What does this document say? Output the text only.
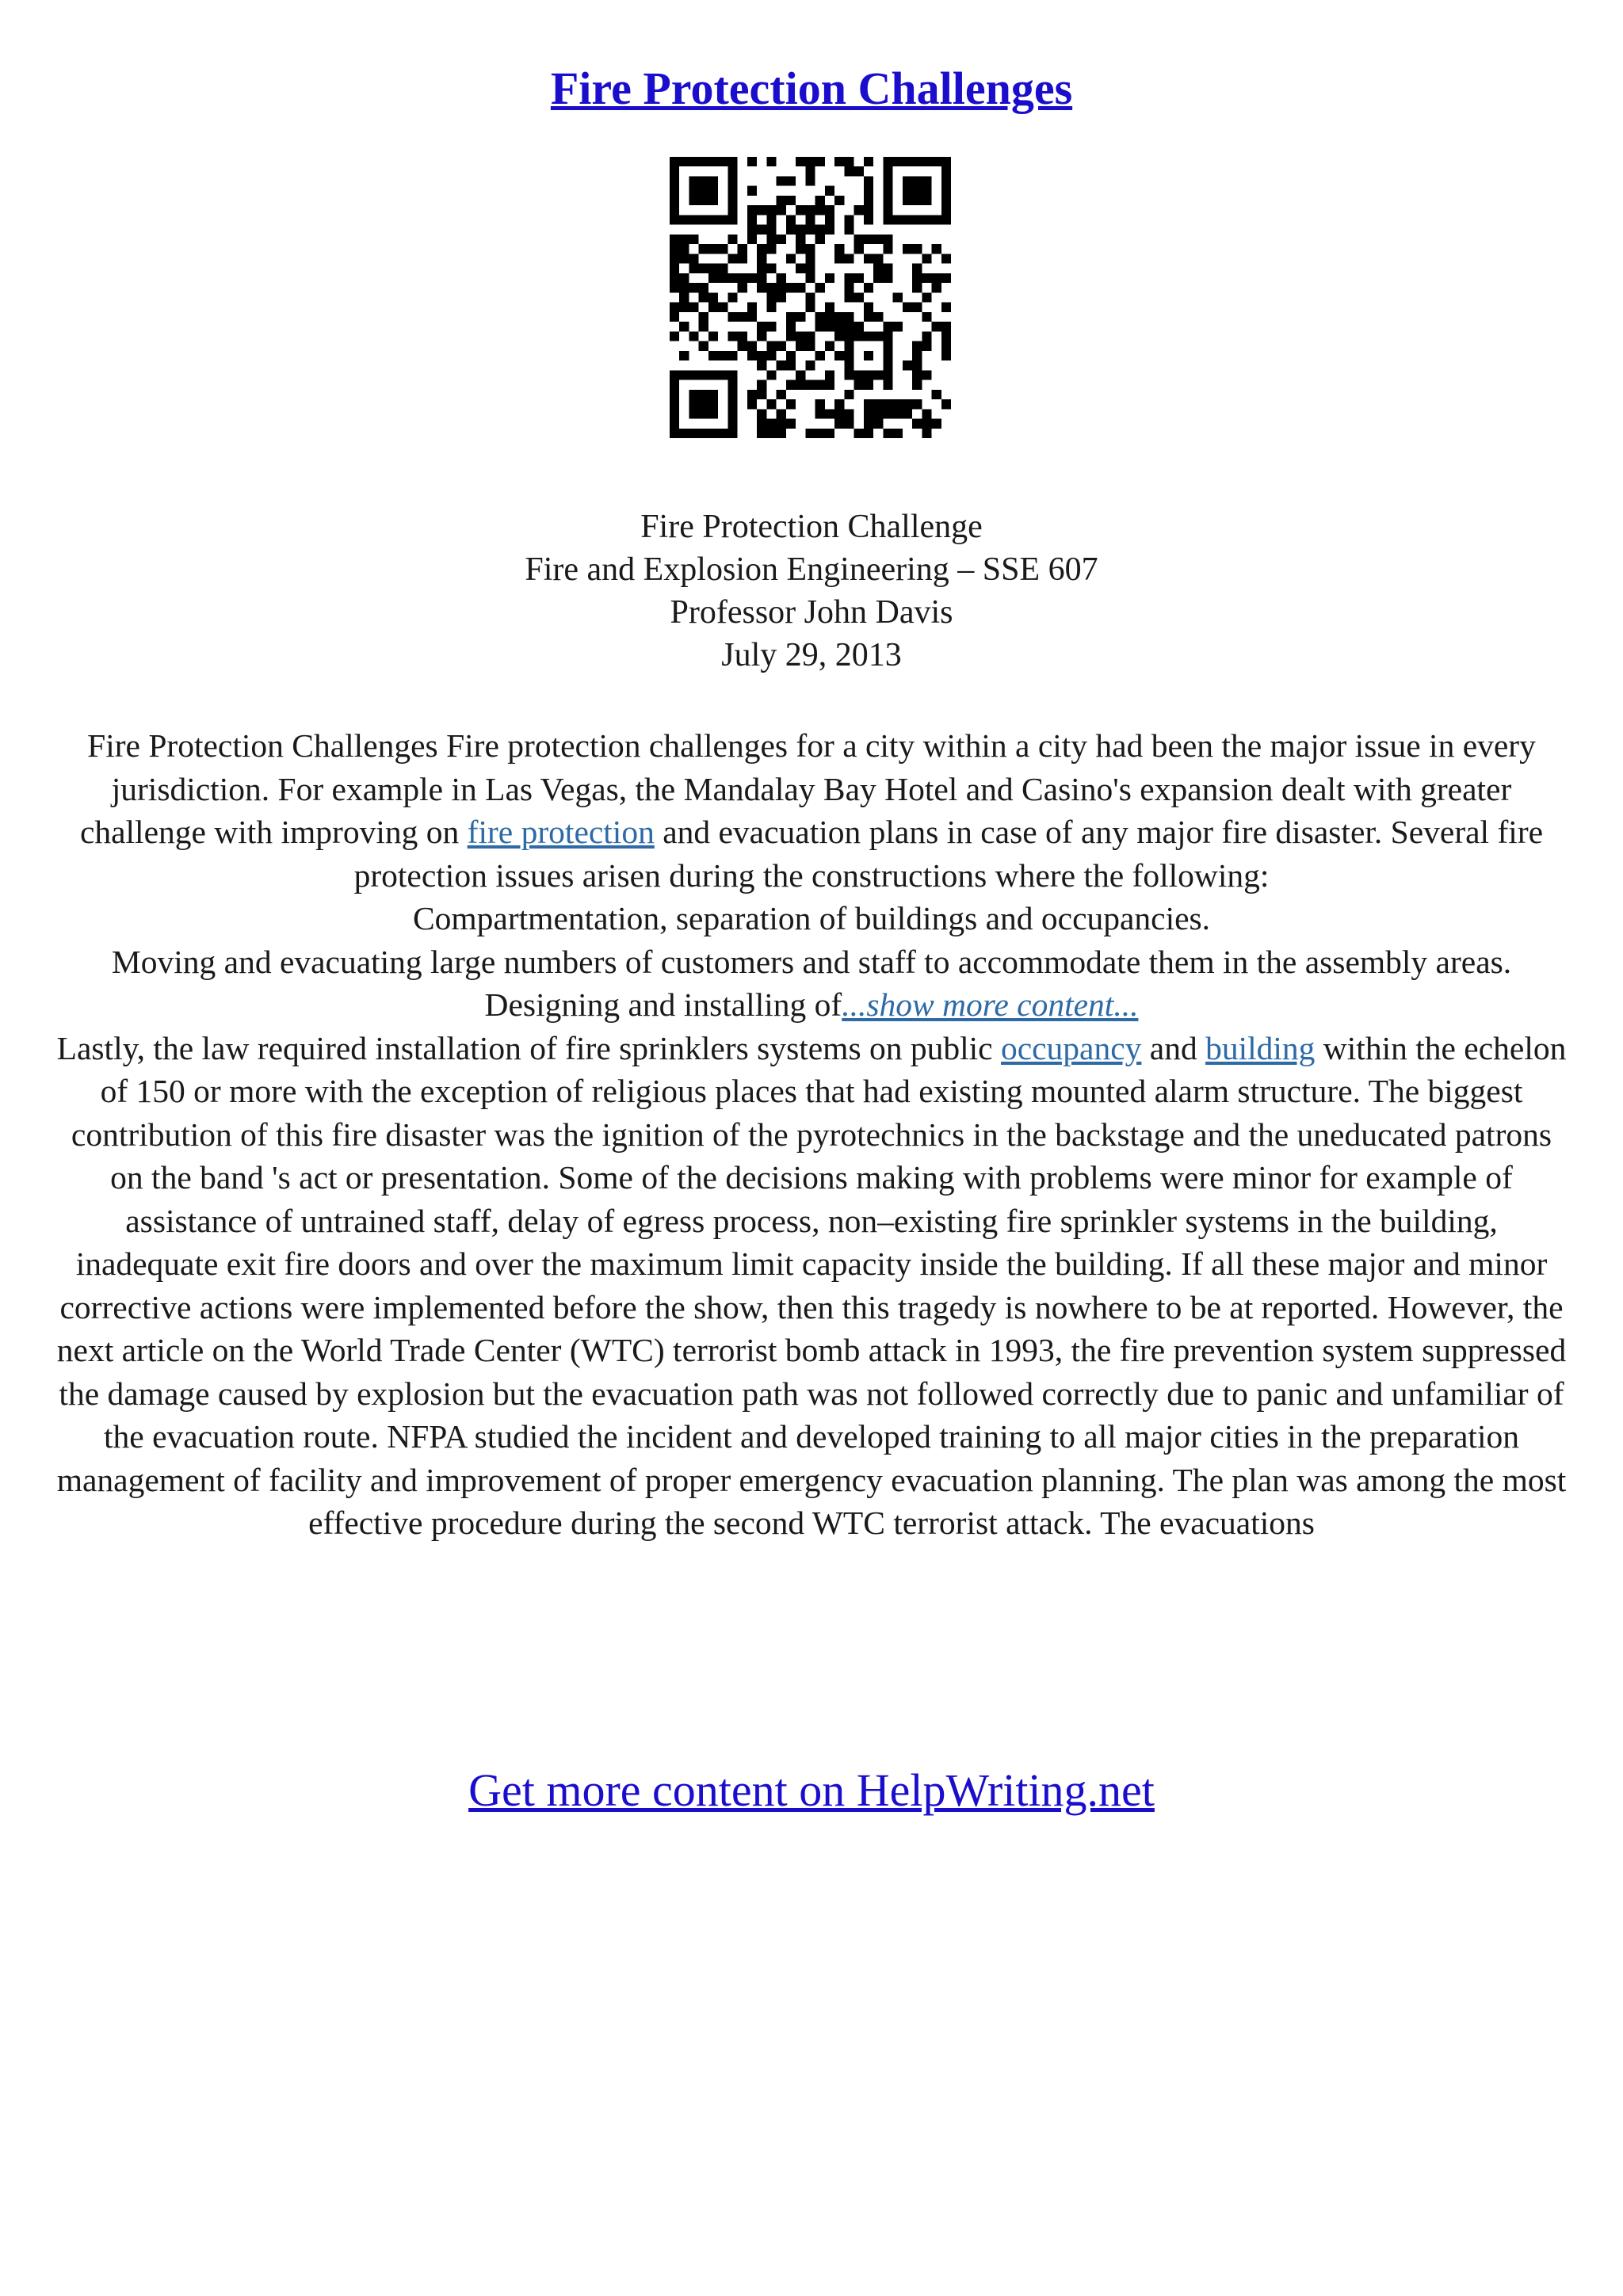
Fire Protection Challenges
Fire Protection Challenge
Fire and Explosion Engineering – SSE 607
Professor John Davis
July 29, 2013

Fire Protection Challenges Fire protection challenges for a city within a city had been the major issue in every jurisdiction. For example in Las Vegas, the Mandalay Bay Hotel and Casino's expansion dealt with greater challenge with improving on fire protection and evacuation plans in case of any major fire disaster. Several fire protection issues arisen during the constructions where the following:

Compartmentation, separation of buildings and occupancies.

Moving and evacuating large numbers of customers and staff to accommodate them in the assembly areas.

Designing and installing of...show more content...

Lastly, the law required installation of fire sprinklers systems on public occupancy and building within the echelon of 150 or more with the exception of religious places that had existing mounted alarm structure. The biggest contribution of this fire disaster was the ignition of the pyrotechnics in the backstage and the uneducated patrons on the band 's act or presentation. Some of the decisions making with problems were minor for example of assistance of untrained staff, delay of egress process, non–existing fire sprinkler systems in the building, inadequate exit fire doors and over the maximum limit capacity inside the building. If all these major and minor corrective actions were implemented before the show, then this tragedy is nowhere to be at reported. However, the next article on the World Trade Center (WTC) terrorist bomb attack in 1993, the fire prevention system suppressed the damage caused by explosion but the evacuation path was not followed correctly due to panic and unfamiliar of the evacuation route. NFPA studied the incident and developed training to all major cities in the preparation management of facility and improvement of proper emergency evacuation planning. The plan was among the most effective procedure during the second WTC terrorist attack. The evacuations

Get more content on HelpWriting.net
